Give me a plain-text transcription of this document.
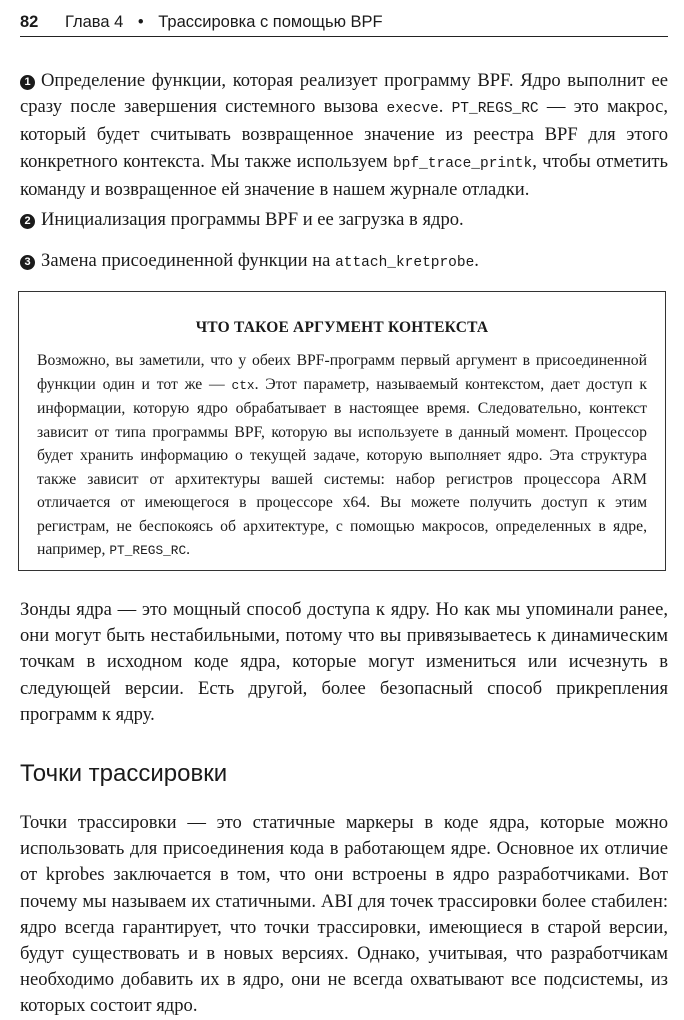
82 Глава 4 • Трассировка с помощью BPF

1 Определение функции, которая реализует программу BPF. Ядро выполнит ее сразу после завершения системного вызова execve. PT_REGS_RC — это макрос, который будет считывать возвращенное значение из реестра BPF для этого конкретного контекста. Мы также используем bpf_trace_printk, чтобы отметить команду и возвращенное ей значение в нашем журнале отладки.

2 Инициализация программы BPF и ее загрузка в ядро.

3 Замена присоединенной функции на attach_kretprobe.

ЧТО ТАКОЕ АРГУМЕНТ КОНТЕКСТА

Возможно, вы заметили, что у обеих BPF-программ первый аргумент в присоединенной функции один и тот же — ctx. Этот параметр, называемый контекстом, дает доступ к информации, которую ядро обрабатывает в настоящее время. Следовательно, контекст зависит от типа программы BPF, которую вы используете в данный момент. Процессор будет хранить информацию о текущей задаче, которую выполняет ядро. Эта структура также зависит от архитектуры вашей системы: набор регистров процессора ARM отличается от имеющегося в процессоре x64. Вы можете получить доступ к этим регистрам, не беспокоясь об архитектуре, с помощью макросов, определенных в ядре, например, PT_REGS_RC.

Зонды ядра — это мощный способ доступа к ядру. Но как мы упоминали ранее, они могут быть нестабильными, потому что вы привязываетесь к динамическим точкам в исходном коде ядра, которые могут измениться или исчезнуть в следующей версии. Есть другой, более безопасный способ прикрепления программ к ядру.

Точки трассировки

Точки трассировки — это статичные маркеры в коде ядра, которые можно использовать для присоединения кода в работающем ядре. Основное их отличие от kprobes заключается в том, что они встроены в ядро разработчиками. Вот почему мы называем их статичными. ABI для точек трассировки более стабилен: ядро всегда гарантирует, что точки трассировки, имеющиеся в старой версии, будут существовать и в новых версиях. Однако, учитывая, что разработчикам необходимо добавить их в ядро, они не всегда охватывают все подсистемы, из которых состоит ядро.
